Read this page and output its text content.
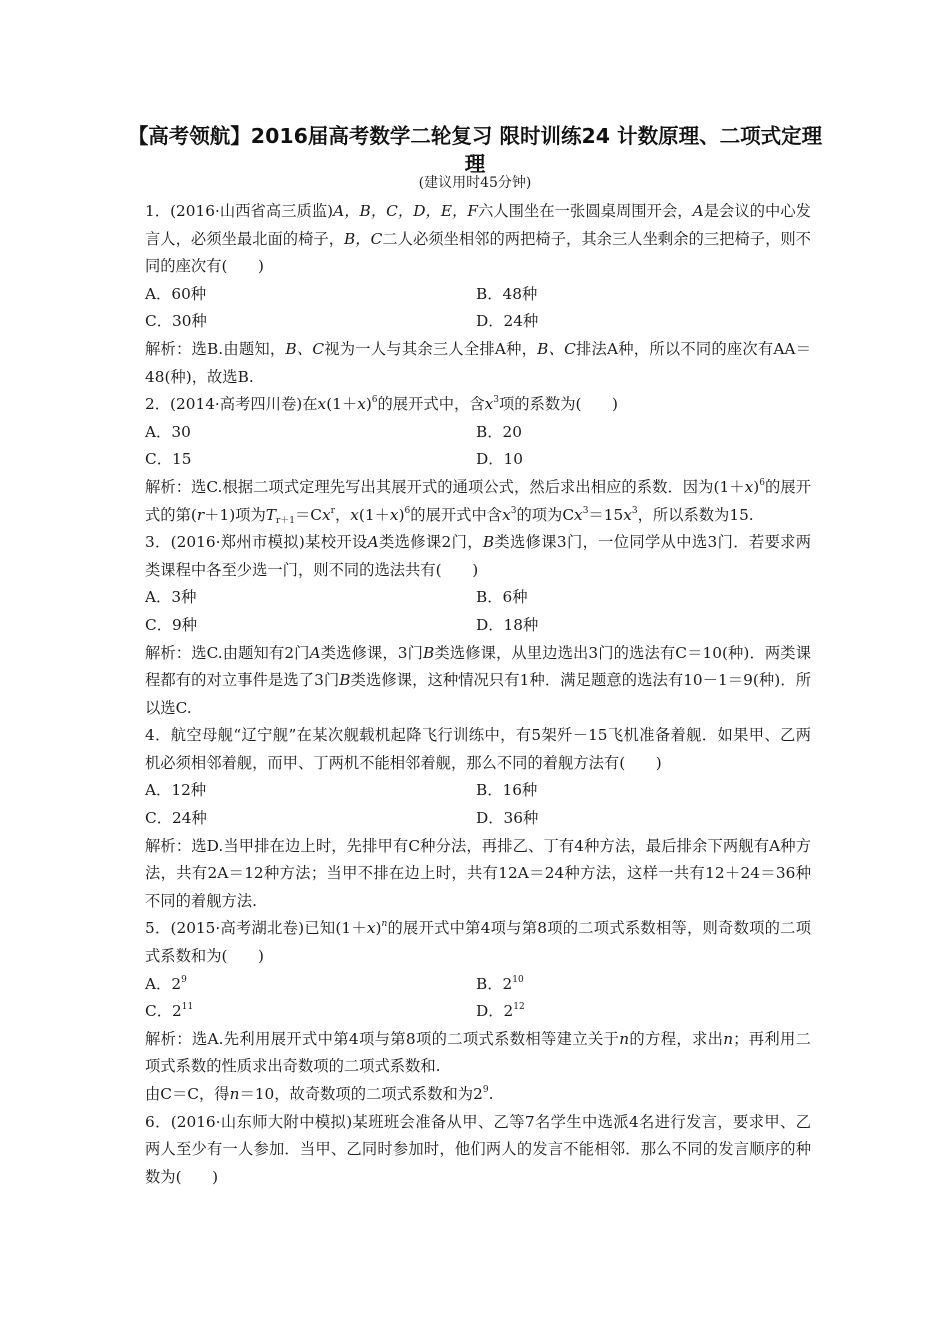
【高考领航】2016届高考数学二轮复习 限时训练24 计数原理、二项式定理 理
(建议用时45分钟)

1．(2016·山西省高三质监)A，B，C，D，E，F六人围坐在一张圆桌周围开会，A是会议的中心发言人，必须坐最北面的椅子，B，C二人必须坐相邻的两把椅子，其余三人坐剩余的三把椅子，则不同的座次有(　　)

A．60种	B．48种
C．30种	D．24种

解析：选B.由题知，B、C视为一人与其余三人全排A种，B、C排法A种，所以不同的座次有AA＝48(种)，故选B.

2．(2014·高考四川卷)在$x(1+x)^6$的展开式中，含$x^3$项的系数为(　　)

A．30	B．20
C．15	D．10

解析：选C.根据二项式定理先写出其展开式的通项公式，然后求出相应的系数．因为$(1+x)^6$的展开式的第(r＋1)项为$T_{r+1}=Cx^r$，$x(1+x)^6$的展开式中含$x^3$的项为$Cx^3=15x^3$，所以系数为15.

3．(2016·郑州市模拟)某校开设A类选修课2门，B类选修课3门，一位同学从中选3门．若要求两类课程中各至少选一门，则不同的选法共有(　　)

A．3种	B．6种
C．9种	D．18种

解析：选C.由题知有2门A类选修课，3门B类选修课，从里边选出3门的选法有C＝10(种)．两类课程都有的对立事件是选了3门B类选修课，这种情况只有1种．满足题意的选法有10－1＝9(种)．所以选C.

4．航空母舰“辽宁舰”在某次舰载机起降飞行训练中，有5架歼－15飞机准备着舰．如果甲、乙两机必须相邻着舰，而甲、丁两机不能相邻着舰，那么不同的着舰方法有(　　)

A．12种	B．16种
C．24种	D．36种

解析：选D.当甲排在边上时，先排甲有C种分法，再排乙、丁有4种方法，最后排余下两舰有A种方法，共有2A＝12种方法；当甲不排在边上时，共有12A＝24种方法，这样一共有12＋24＝36种不同的着舰方法.

5．(2015·高考湖北卷)已知$(1+x)^n$的展开式中第4项与第8项的二项式系数相等，则奇数项的二项式系数和为(　　)

A．$2^9$	B．$2^{10}$
C．$2^{11}$	D．$2^{12}$

解析：选A.先利用展开式中第4项与第8项的二项式系数相等建立关于n的方程，求出n；再利用二项式系数的性质求出奇数项的二项式系数和.

由C＝C，得n＝10，故奇数项的二项式系数和为$2^9$.

6．(2016·山东师大附中模拟)某班班会准备从甲、乙等7名学生中选派4名进行发言，要求甲、乙两人至少有一人参加．当甲、乙同时参加时，他们两人的发言不能相邻．那么不同的发言顺序的种数为(　　)
